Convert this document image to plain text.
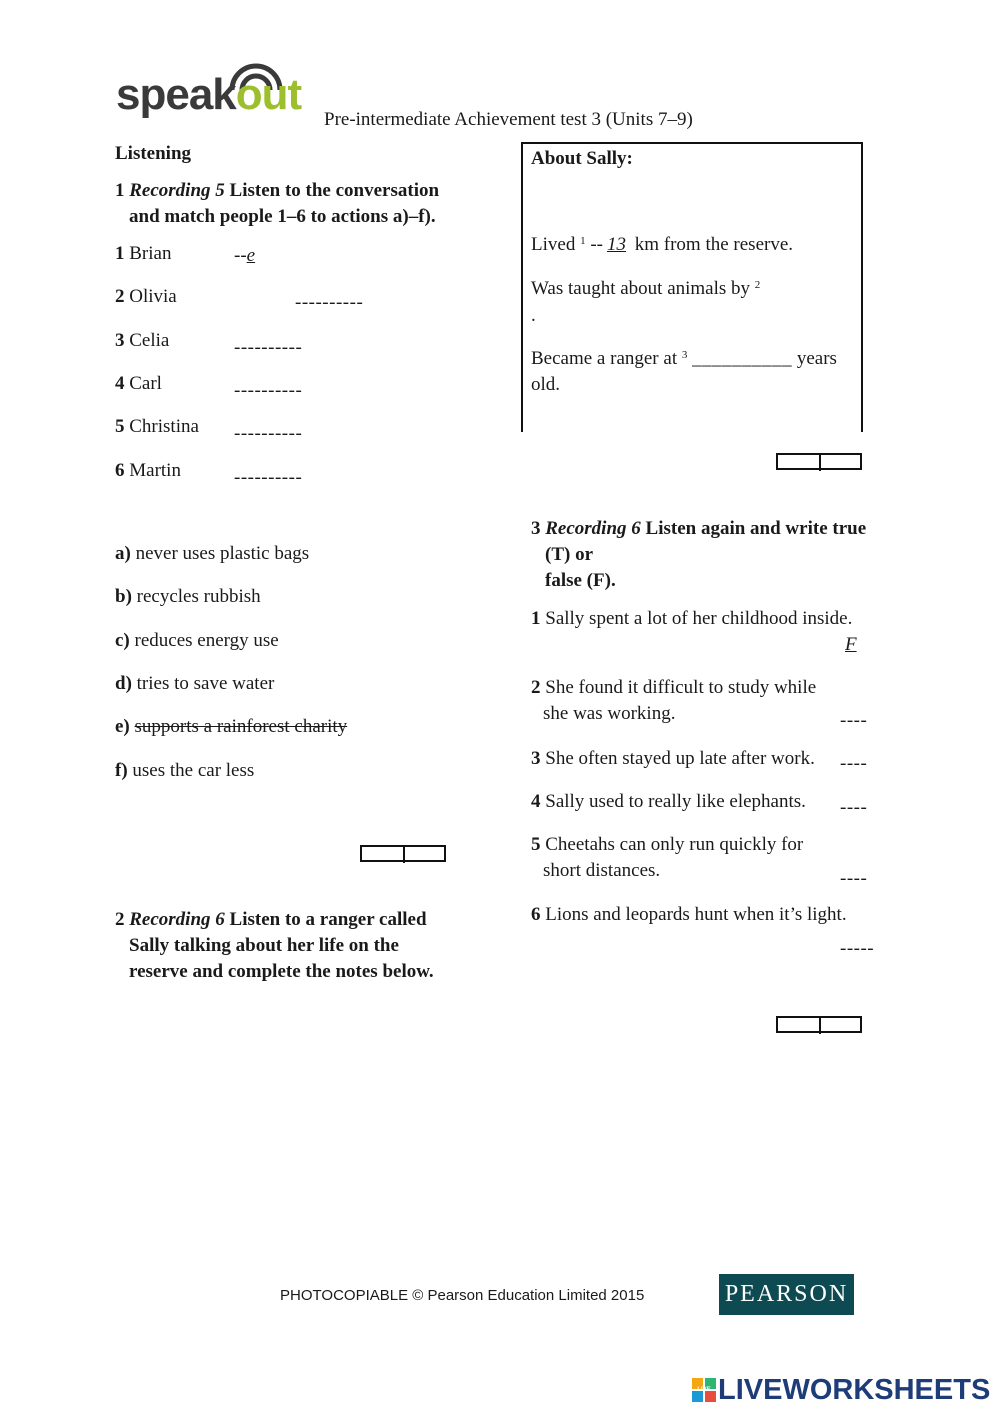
speakout
Pre-intermediate Achievement test 3 (Units 7–9)
Listening
1 Recording 5 Listen to the conversation
and match people 1–6 to actions a)–f).
1 Brian	--e
2 Olivia	----------
3 Celia	----------
4 Carl	----------
5 Christina ----------
6 Martin	----------
a) never uses plastic bags
b) recycles rubbish
c) reduces energy use
d) tries to save water
e) supports a rainforest charity
f) uses the car less
2 Recording 6 Listen to a ranger called
Sally talking about her life on the
reserve and complete the notes below.
About Sally:
Lived $^1$ -- 13 km from the reserve.
Was taught about animals by $^2$
.
Became a ranger at $^3$ __________ years
old.
3 Recording 6 Listen again and write true
(T) or
false (F).
1 Sally spent a lot of her childhood inside.
F
2 She found it difficult to study while
she was working.	----
3 She often stayed up late after work. ----
4 Sally used to really like elephants. ----
5 Cheetahs can only run quickly for
short distances.	----
6 Lions and leopards hunt when it’s light.
-----
PHOTOCOPIABLE © Pearson Education Limited 2015	PEARSON
LIVE LIVEWORKSHEETS
